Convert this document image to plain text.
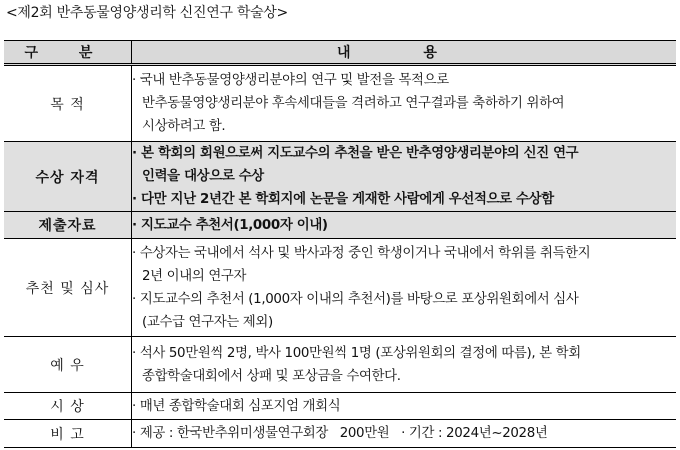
<제2회 반추동물영양생리학 신진연구 학술상>
구 분	내 용
목 적	· 국내 반추동물영양생리분야의 연구 및 발전을 목적으로
반추동물영양생리분야 후속세대들을 격려하고 연구결과를 축하하기 위하여
시상하려고 함.

수상 자격	· 본 학회의 회원으로써 지도교수의 추천을 받은 반추영양생리분야의 신진 연구
인력을 대상으로 수상
· 다만 지난 2년간 본 학회지에 논문을 게재한 사람에게 우선적으로 수상함

제출자료	· 지도교수 추천서(1,000자 이내)

추천 및 심사	· 수상자는 국내에서 석사 및 박사과정 중인 학생이거나 국내에서 학위를 취득한지
2년 이내의 연구자
· 지도교수의 추천서 (1,000자 이내의 추천서)를 바탕으로 포상위원회에서 심사
(교수급 연구자는 제외)

예 우	· 석사 50만원씩 2명, 박사 100만원씩 1명 (포상위원회의 결정에 따름), 본 학회
종합학술대회에서 상패 및 포상금을 수여한다.

시 상	· 매년 종합학술대회 심포지엄 개회식

비 고	· 제공 : 한국반추위미생물연구회장   200만원   · 기간 : 2024년~2028년
